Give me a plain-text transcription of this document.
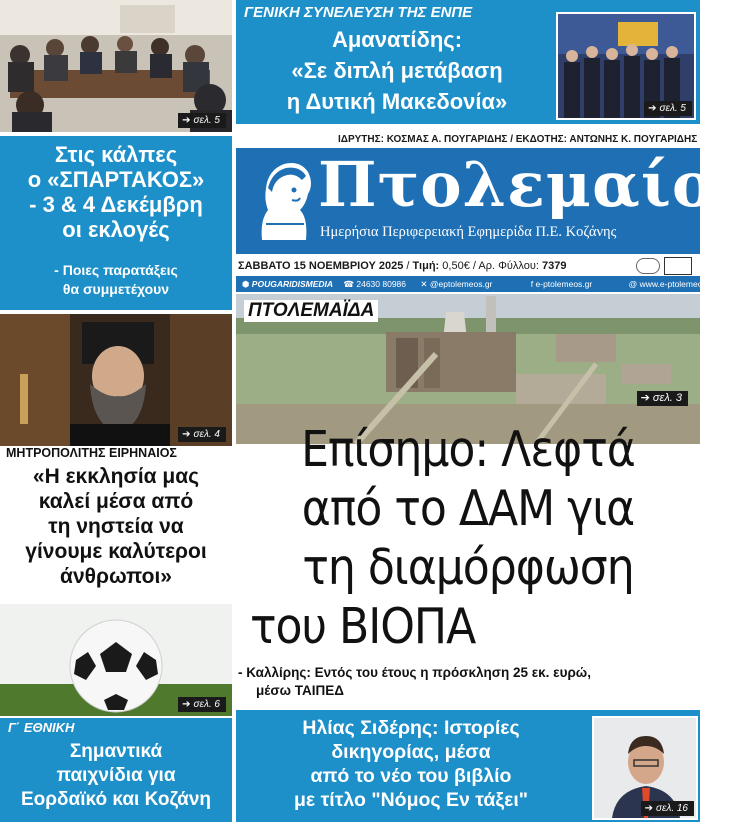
➔ σελ. 5
ΓΕΝΙΚΗ ΣΥΝΕΛΕΥΣΗ ΤΗΣ ΕΝΠΕ
Αμανατίδης:
«Σε διπλή μετάβαση
η Δυτική Μακεδονία»	➔ σελ. 5
Στις κάλπες
ο «ΣΠΑΡΤΑΚΟΣ»
- 3 & 4 Δεκέμβρη
οι εκλογές
- Ποιες παρατάξεις
θα συμμετέχουν
ΙΔΡΥΤΗΣ: ΚΟΣΜΑΣ Α. ΠΟΥΓΑΡΙΔΗΣ / ΕΚΔΟΤΗΣ: ΑΝΤΩΝΗΣ Κ. ΠΟΥΓΑΡΙΔΗΣ
Πτολεμαίος
Ημερήσια Περιφερειακή Εφημερίδα Π.Ε. Κοζάνης
ΣΑΒΒΑΤΟ 15 ΝΟΕΜΒΡΙΟΥ 2025 / Τιμή: 0,50€ / Αρ. Φύλλου: 7379
⬢ POUGARIDISMEDIA ☎ 24630 80986 ✕ @eptolemeos.gr	f e-ptolemeos.gr	@ www.e-ptolemeos.gr
ΠΤΟΛΕΜΑΪΔΑ
➔ σελ. 3
Επίσημο: Λεφτά
από το ΔΑΜ για
τη διαμόρφωση
του ΒΙΟΠΑ
- Καλλίρης: Εντός του έτους η πρόσκληση 25 εκ. ευρώ,
μέσω ΤΑΙΠΕΔ
➔ σελ. 4
ΜΗΤΡΟΠΟΛΙΤΗΣ ΕΙΡΗΝΑΙΟΣ
«Η εκκλησία μας
καλεί μέσα από
τη νηστεία να
γίνουμε καλύτεροι
άνθρωποι»
➔ σελ. 6
Γ΄ ΕΘΝΙΚΗ
Σημαντικά
παιχνίδια για
Εορδαϊκό και Κοζάνη
Ηλίας Σιδέρης: Ιστορίες
δικηγορίας, μέσα
από το νέο του βιβλίο
με τίτλο "Νόμος Εν τάξει"	➔ σελ. 16
